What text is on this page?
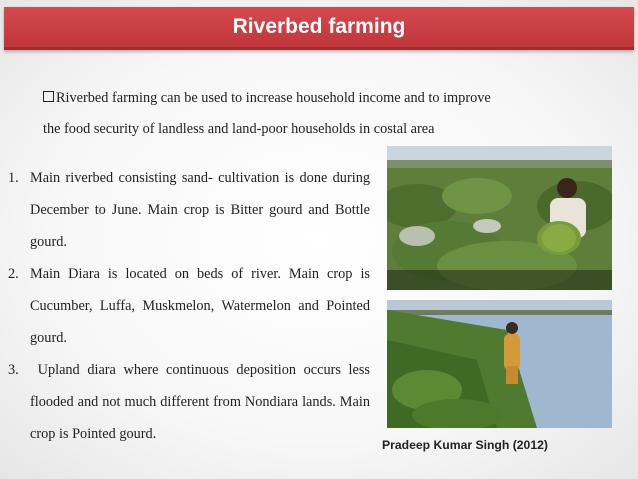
Riverbed farming
Riverbed farming can be used to increase household income and to improve
the food security of landless and land-poor households in costal area
1. Main riverbed consisting sand- cultivation is done during December to June. Main crop is Bitter gourd and Bottle gourd.
2. Main Diara is located on beds of river. Main crop is Cucumber, Luffa, Muskmelon, Watermelon and Pointed gourd.
3. Upland diara where continuous deposition occurs less flooded and not much different from Nondiara lands. Main crop is Pointed gourd.
Pradeep Kumar Singh (2012)
